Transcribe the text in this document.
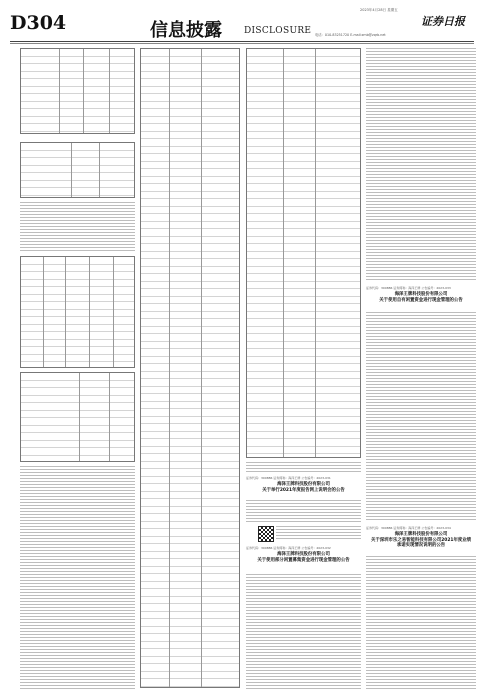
D304	信息披露 DISCLOSURE
2023年4月28日 星期五
证券日报
电话：010-83251720 E-mail:zmb@zqrb.net
证券代码：300886 证券简称：海泽王牌 公告编号：2023-031
海泽王牌科技股份有限公司
关于举行2021年度报告网上说明会的公告
证券代码：300886 证券简称：海泽王牌 公告编号：2023-032
海泽王牌科技股份有限公司
关于使用部分闲置募集资金进行现金管理的公告
证券代码：300886 证券简称：海泽王牌 公告编号：2023-033
海泽王牌科技股份有限公司
关于使用自有闲置资金进行现金管理的公告
证券代码：300886 证券简称：海泽王牌 公告编号：2023-034
海泽王牌科技股份有限公司
关于深圳市乐之易智能科技有限公司2021年度业绩承诺实现情况说明的公告
